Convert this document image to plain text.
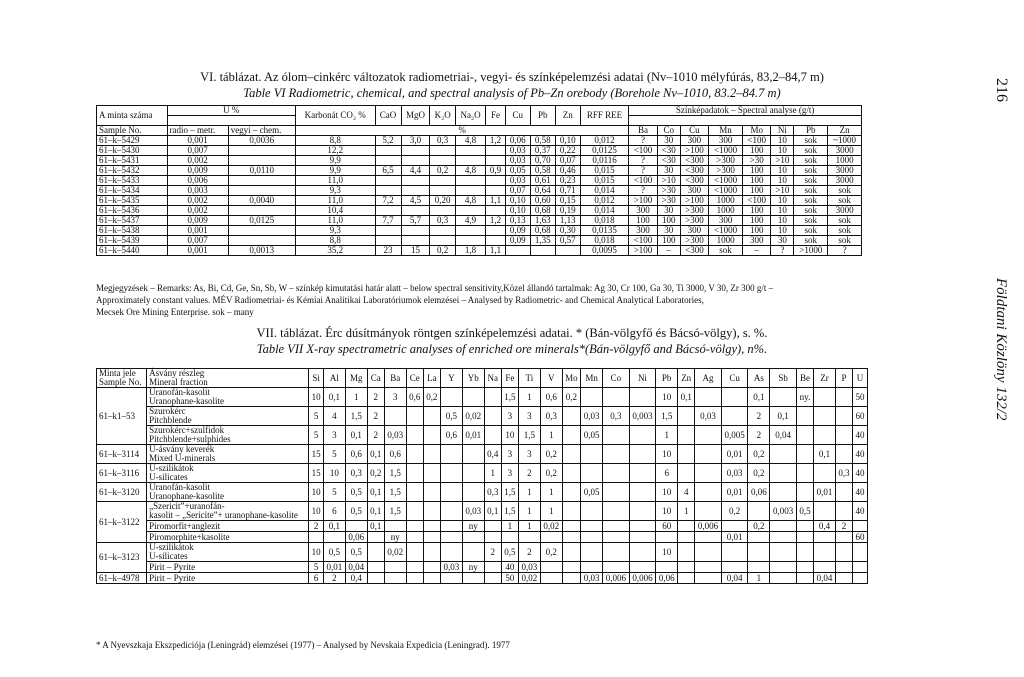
216
Földtani Közlöny 132/2
VI. táblázat. Az ólom–cinkérc változatok radiometriai-, vegyi- és színképelemzési adatai (Nv–1010 mélyfúrás, 83,2–84,7 m)
Table VI Radiometric, chemical, and spectral analysis of Pb–Zn orebody (Borehole Nv–1010, 83.2–84.7 m)
A minta száma	U %		Karbonát CO₂ %	CaO	MgO	K₂O	Na₂O	Fe	Cu	Pb	Zn	RFF REE	Színképadatok – Spectral analyse (g/t)							

Sample No.	radio – metr.	vegyi – chem.	%										Ba	Co	Cu	Mn	Mo	Ni	Pb	Zn
61–k–5429	0,001	0,0036	8,8	5,2	3,0	0,3	4,8	1,2	0,06	0,58	0,10	0,012	?	30	300	300	<100	10	sok	~1000
61–k–5430	0,007		12,2						0,03	0,37	0,22	0,0125	<100	<30	>100	<1000	100	10	sok	3000
61–k–5431	0,002		9,9						0,03	0,70	0,07	0,0116	?	<30	<300	>300	>30	>10	sok	1000
61–k–5432	0,009	0,0110	9,9	6,5	4,4	0,2	4,8	0,9	0,05	0,58	0,46	0,015	?	30	<300	>300	100	10	sok	3000
61–k–5433	0,006		11,0						0,03	0,61	0,23	0,015	<100	>10	<300	<1000	100	10	sok	3000
61–k–5434	0,003		9,3						0,07	0,64	0,71	0,014	?	>30	300	<1000	100	>10	sok	sok
61–k–5435	0,002	0,0040	11,0	7,2	4,5	0,20	4,8	1,1	0,10	0,60	0,15	0,012	>100	>30	>100	1000	<100	10	sok	sok
61–k–5436	0,002		10,4						0,10	0,68	0,19	0,014	300	30	>300	1000	100	10	sok	3000
61–k–5437	0,009	0,0125	11,0	7,7	5,7	0,3	4,9	1,2	0,13	1,63	1,13	0,018	100	100	>300	300	100	10	sok	sok
61–k–5438	0,001		9,3						0,09	0,68	0,30	0,0135	300	30	300	<1000	100	10	sok	sok
61–k–5439	0,007		8,8						0,09	1,35	0,57	0,018	<100	100	>300	1000	300	30	sok	sok
61–k–5440	0,001	0,0013	35,2	23	15	0,2	1,8	1,1				0,0095	>100	–	<300	sok	–	?	>1000	?
Megjegyzések – Remarks: As, Bi, Cd, Ge, Sn, Sb, W – színkép kimutatási határ alatt – below spectral sensitivity,Közel állandó tartalmak: Ag 30, Cr 100, Ga 30, Ti 3000, V 30, Zr 300 g/t –
Approximately constant values. MÉV Radiometriai- és Kémiai Analitikai Laboratóriumok elemzései – Analysed by Radiometric- and Chemical Analytical Laboratories,
Mecsek Ore Mining Enterprise. sok – many
VII. táblázat. Érc dúsítmányok röntgen színképelemzési adatai. * (Bán-völgyfő és Bácsó-völgy), s. %.
Table VII X-ray spectrametric analyses of enriched ore minerals*(Bán-völgyfő and Bácsó-völgy), n%.
Minta jele
Sample No.	Ásvány részleg
Mineral fraction	Si	Al	Mg	Ca	Ba	Ce	La	Y	Yb	Na	Fe	Ti	V	Mo	Mn	Co	Ni	Pb	Zn	Ag	Cu	As	Sb	Be	Zr	P	U
61–k1–53	Uranofán-kasolit
Uranophane-kasolite	10	0,1	1	2	3	0,6	0,2				1,5	1	0,6	0,2				10	0,1			0,1		ny.			50
	Szurokérc
Pitchblende	5	4	1,5	2				0,5	0,02		3	3	0,3		0,03	0,3	0,003	1,5		0,03		2	0,1				60
	Szurokérc+szulfidok
Pitchblende+sulphides	5	3	0,1	2	0,03			0,6	0,01		10	1,5	1		0,05			1			0,005	2	0,04				40
61–k–3114	U-ásvány keverék
Mixed U-minerals	15	5	0,6	0,1	0,6					0,4	3	3	0,2					10			0,01	0,2			0,1		40
61–k–3116	U-szilikátok
U-silicates	15	10	0,3	0,2	1,5					1	3	2	0,2					6			0,03	0,2				0,3	40
61–k–3120	Uranofán-kasolit
Uranophane-kasolite	10	5	0,5	0,1	1,5					0,3	1,5	1	1		0,05			10	4		0,01	0,06			0,01		40
61–k–3122	„Szericit”+uranofán-
kasolit – „Sericite”+ uranophane-kasolite	10	6	0,5	0,1	1,5				0,03	0,1	1,5	1	1					10	1		0,2		0,003	0,5			40
	Piromorfit+anglezit	2	0,1		0,1					ny		1	1	0,02					60		0,006		0,2			0,4	2	
	Piromorphite+kasolite			0,06		ny																0,01						60
61–k–3123	U-szilikátok
U-silicates	10	0,5	0,5		0,02					2	0,5	2	0,2					10									
	Pirit – Pyrite	5	0,01	0,04					0,03	ny		40	0,03															
61–k–4978	Pirit – Pyrite	6	2	0,4								50	0,02			0,03	0,006	0,006	0,06			0,04	1			0,04		
* A Nyevszkaja Ekszpedíciója (Leningrád) elemzései (1977) – Analysed by Nevskaia Expedicia (Leningrad). 1977
